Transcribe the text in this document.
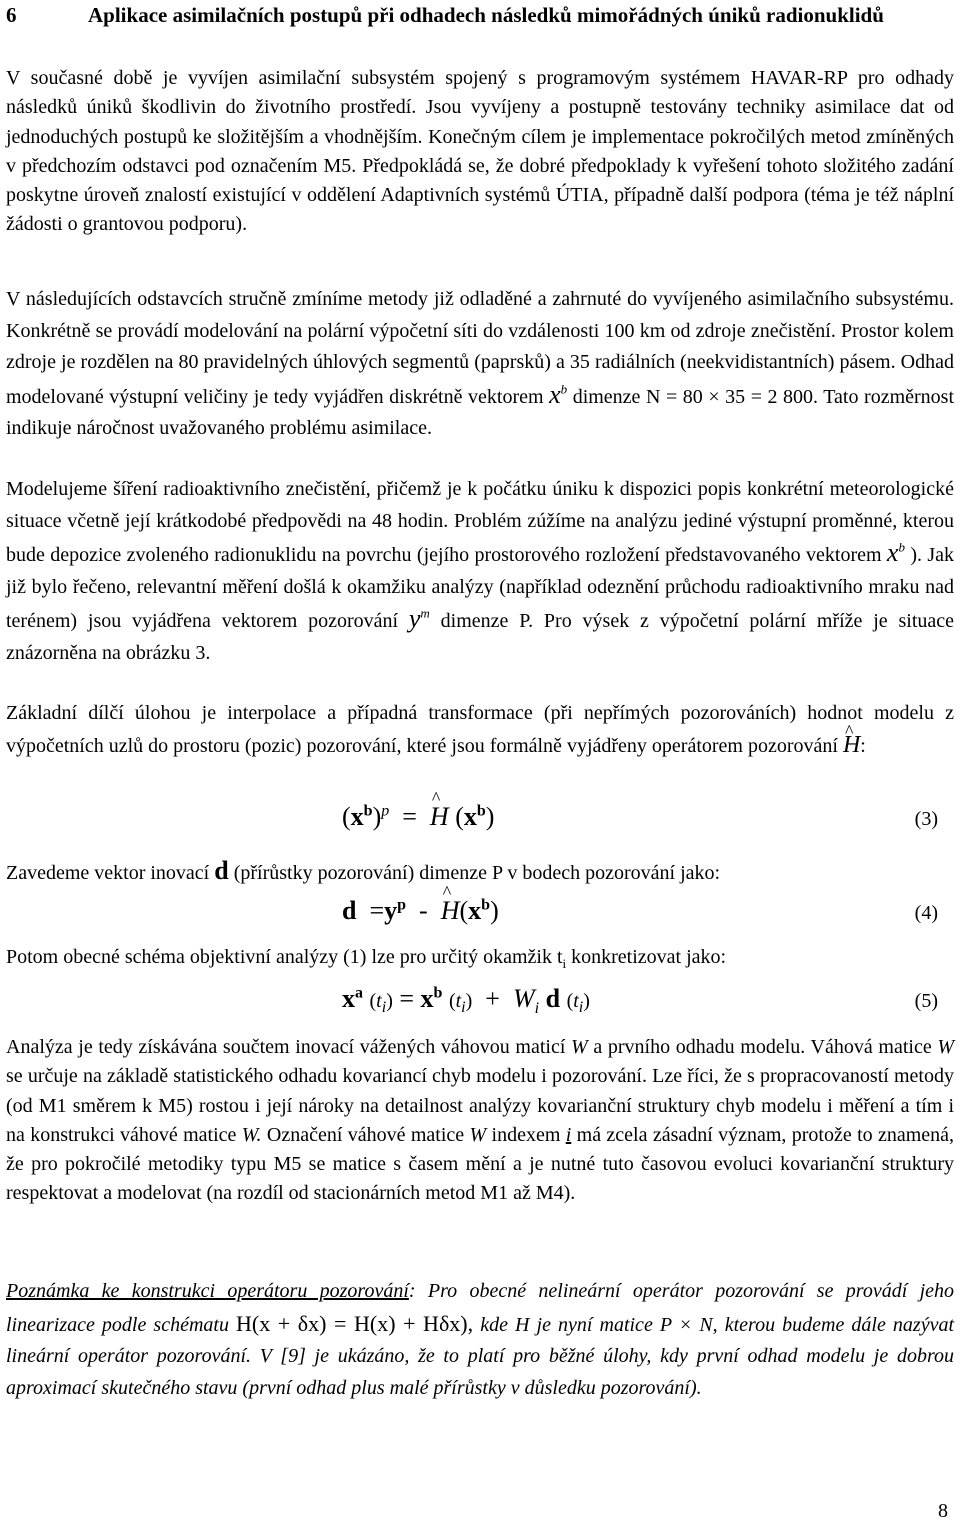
6	Aplikace asimilačních postupů při odhadech následků mimořádných úniků radionuklidů

V současné době je vyvíjen asimilační subsystém spojený s programovým systémem HAVAR-RP pro odhady následků úniků škodlivin do životního prostředí. Jsou vyvíjeny a postupně testovány techniky asimilace dat od jednoduchých postupů ke složitějším a vhodnějším. Konečným cílem je implementace pokročilých metod zmíněných v předchozím odstavci pod označením M5. Předpokládá se, že dobré předpoklady k vyřešení tohoto složitého zadání poskytne úroveň znalostí existující v oddělení Adaptivních systémů ÚTIA, případně další podpora (téma je též náplní žádosti o grantovou podporu).

V následujících odstavcích stručně zmíníme metody již odladěné a zahrnuté do vyvíjeného asimilačního subsystému. Konkrétně se provádí modelování na polární výpočetní síti do vzdálenosti 100 km od zdroje znečistění. Prostor kolem zdroje je rozdělen na 80 pravidelných úhlových segmentů (paprsků) a 35 radiálních (neekvidistantních) pásem. Odhad modelované výstupní veličiny je tedy vyjádřen diskrétně vektorem $x^b$ dimenze N = 80 × 35 = 2 800. Tato rozměrnost indikuje náročnost uvažovaného problému asimilace.

Modelujeme šíření radioaktivního znečistění, přičemž je k počátku úniku k dispozici popis konkrétní meteorologické situace včetně její krátkodobé předpovědi na 48 hodin. Problém zúžíme na analýzu jediné výstupní proměnné, kterou bude depozice zvoleného radionuklidu na povrchu (jejího prostorového rozložení představovaného vektorem $x^b$ ). Jak již bylo řečeno, relevantní měření došlá k okamžiku analýzy (například odeznění průchodu radioaktivního mraku nad terénem) jsou vyjádřena vektorem pozorování $y^m$ dimenze P. Pro výsek z výpočetní polární mříže je situace znázorněna na obrázku 3.

Základní dílčí úlohou je interpolace a případná transformace (při nepřímých pozorováních) hodnot modelu z výpočetních uzlů do prostoru (pozic) pozorování, které jsou formálně vyjádřeny operátorem pozorování ^ H:

$(x^b)^p$ = ^ H $(x^b)$	(3)

Zavedeme vektor inovací d (přírůstky pozorování) dimenze P v bodech pozorování jako:

$d =y^p$ - ^ $H(x^b)$	(4)

Potom obecné schéma objektivní analýzy (1) lze pro určitý okamžik $t_i$ konkretizovat jako:

$x^a$ $(t_i) = x^b$ $(t_i) + W_i$ d $(t_i)$	(5)

Analýza je tedy získávána součtem inovací vážených váhovou maticí W a prvního odhadu modelu. Váhová matice W se určuje na základě statistického odhadu kovariancí chyb modelu i pozorování. Lze říci, že s propracovaností metody (od M1 směrem k M5) rostou i její nároky na detailnost analýzy kovarianční struktury chyb modelu i měření a tím i na konstrukci váhové matice W. Označení váhové matice W indexem i má zcela zásadní význam, protože to znamená, že pro pokročilé metodiky typu M5 se matice s časem mění a je nutné tuto časovou evoluci kovarianční struktury respektovat a modelovat (na rozdíl od stacionárních metod M1 až M4).

Poznámka ke konstrukci operátoru pozorování: Pro obecné nelineární operátor pozorování se provádí jeho linearizace podle schématu H(x + δx) = H(x) + Hδx), kde H je nyní matice P × N, kterou budeme dále nazývat lineární operátor pozorování. V [9] je ukázáno, že to platí pro běžné úlohy, kdy první odhad modelu je dobrou aproximací skutečného stavu (první odhad plus malé přírůstky v důsledku pozorování).

8
